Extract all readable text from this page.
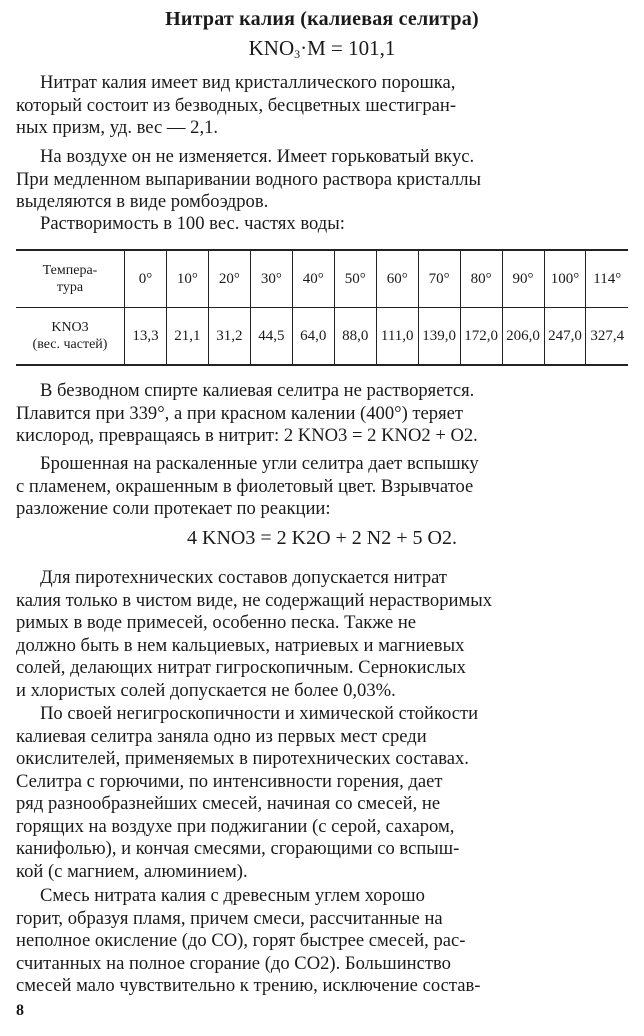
Нитрат калия (калиевая селитра)
$KNO_3\cdot M = 101,1$
Нитрат калия имеет вид кристаллического порошка,
который состоит из безводных, бесцветных шестигран-
ных призм, уд. вес — 2,1.
На воздухе он не изменяется. Имеет горьковатый вкус.
При медленном выпаривании водного раствора кристаллы
выделяются в виде ромбоэдров.
Растворимость в 100 вес. частях воды:
Темпера-
тура	0°	10°	20°	30°	40°	50°	60°	70°	80°	90°	100°	114°
KNO3
(вес. частей)	13,3	21,1	31,2	44,5	64,0	88,0	111,0	139,0	172,0	206,0	247,0	327,4
В безводном спирте калиевая селитра не растворяется.
Плавится при 339°, а при красном калении (400°) теряет
кислород, превращаясь в нитрит: 2 KNO3 = 2 KNO2 + O2.
Брошенная на раскаленные угли селитра дает вспышку
с пламенем, окрашенным в фиолетовый цвет. Взрывчатое
разложение соли протекает по реакции:
4 KNO3 = 2 K2O + 2 N2 + 5 O2.
Для пиротехнических составов допускается нитрат
калия только в чистом виде, не содержащий нерастворимых
римых в воде примесей, особенно песка. Также не
должно быть в нем кальциевых, натриевых и магниевых
солей, делающих нитрат гигроскопичным. Сернокислых
и хлористых солей допускается не более 0,03%.
По своей негигроскопичности и химической стойкости
калиевая селитра заняла одно из первых мест среди
окислителей, применяемых в пиротехнических составах.
Селитра с горючими, по интенсивности горения, дает
ряд разнообразнейших смесей, начиная со смесей, не
горящих на воздухе при поджигании (с серой, сахаром,
канифолью), и кончая смесями, сгорающими со вспыш-
кой (с магнием, алюминием).
Смесь нитрата калия с древесным углем хорошо
горит, образуя пламя, причем смеси, рассчитанные на
неполное окисление (до CO), горят быстрее смесей, рас-
считанных на полное сгорание (до CO2). Большинство
смесей мало чувствительно к трению, исключение состав-
8
